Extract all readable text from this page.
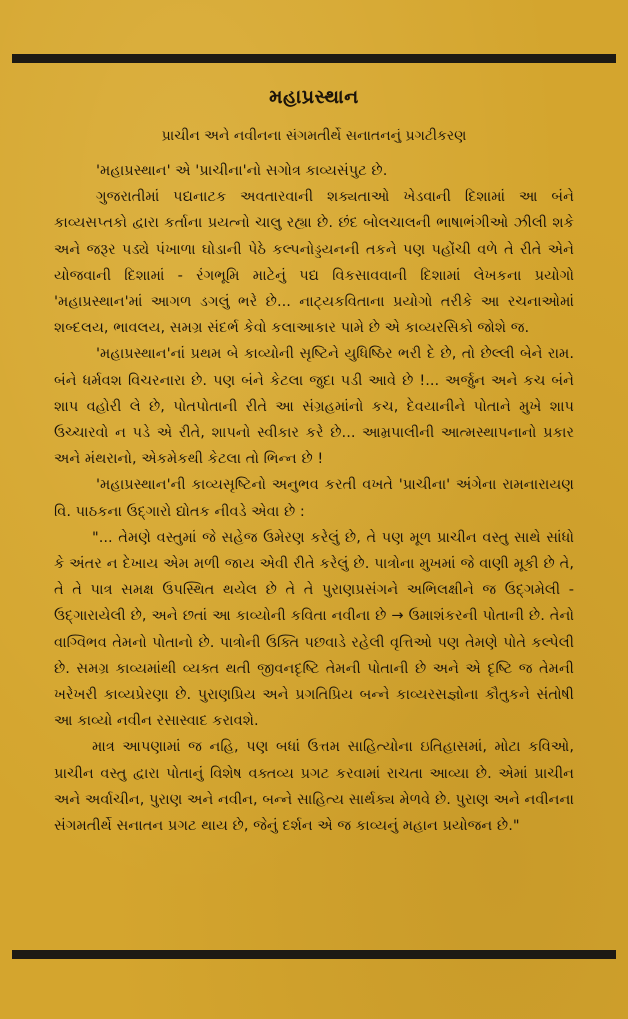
મહાપ્રસ્થાન
પ્રાચીન અને નવીનના સંગમતીર્થે સનાતનનું પ્રગટીકરણ

'મહાપ્રસ્થાન' એ 'પ્રાચીના'નો સગોત્ર કાવ્યસંપુટ છે.

ગુજરાતીમાં પદ્યનાટક અવતારવાની શક્યતાઓ ખેડવાની દિશામાં આ બંને કાવ્યસપ્તકો દ્વારા કર્તાના પ્રયત્નો ચાલુ રહ્યા છે. છંદ બોલચાલની ભાષાભંગીઓ ઝીલી શકે અને જરૂર પડ્યે પંખાળા ઘોડાની પેઠે કલ્પનોડ્ડયનની તકને પણ પહોંચી વળે તે રીતે એને યોજવાની દિશામાં - રંગભૂમિ માટેનું પદ્ય વિકસાવવાની દિશામાં લેખકના પ્રયોગો 'મહાપ્રસ્થાન'માં આગળ ડગલું ભરે છે... નાટ્યકવિતાના પ્રયોગો તરીકે આ રચનાઓમાં શબ્દલય, ભાવલય, સમગ્ર સંદર્ભ કેવો કલાઆકાર પામે છે એ કાવ્યરસિકો જોશે જ.

'મહાપ્રસ્થાન'નાં પ્રથમ બે કાવ્યોની સૃષ્ટિને યુધિષ્ઠિર ભરી દે છે, તો છેલ્લી બેને રામ. બંને ધર્મવશ વિચરનારા છે. પણ બંને કેટલા જુદા પડી આવે છે !... અર્જુન અને કચ બંને શાપ વહોરી લે છે, પોતપોતાની રીતે આ સંગ્રહમાંનો કચ, દેવયાનીને પોતાને મુખે શાપ ઉચ્ચારવો ન પડે એ રીતે, શાપનો સ્વીકાર કરે છે... આમ્રપાલીની આત્મસ્થાપનાનો પ્રકાર અને મંથરાનો, એકમેકથી કેટલા તો ભિન્ન છે !

'મહાપ્રસ્થાન'ની કાવ્યસૃષ્ટિનો અનુભવ કરતી વખતે 'પ્રાચીના' અંગેના રામનારાયણ વિ. પાઠકના ઉદ્ગારો દ્યોતક નીવડે એવા છે :

"... તેમણે વસ્તુમાં જે સહેજ ઉમેરણ કરેલું છે, તે પણ મૂળ પ્રાચીન વસ્તુ સાથે સાંધો કે અંતર ન દેખાય એમ મળી જાય એવી રીતે કરેલું છે. પાત્રોના મુખમાં જે વાણી મૂકી છે તે, તે તે પાત્ર સમક્ષ ઉપસ્થિત થયેલ છે તે તે પુરાણપ્રસંગને અભિલક્ષીને જ ઉદ્ગમેલી - ઉદ્ગારાયેલી છે, અને છતાં આ કાવ્યોની કવિતા નવીના છે → ઉમાશંકરની પોતાની છે. તેનો વાગ્વિભવ તેમનો પોતાનો છે. પાત્રોની ઉક્તિ પછવાડે રહેલી વૃત્તિઓ પણ તેમણે પોતે કલ્પેલી છે. સમગ્ર કાવ્યમાંથી વ્યક્ત થતી જીવનદૃષ્ટિ તેમની પોતાની છે અને એ દૃષ્ટિ જ તેમની ખરેખરી કાવ્યપ્રેરણા છે. પુરાણપ્રિય અને પ્રગતિપ્રિય બન્ને કાવ્યરસજ્ઞોના કૌતુકને સંતોષી આ કાવ્યો નવીન રસાસ્વાદ કરાવશે.

માત્ર આપણામાં જ નહિ, પણ બધાં ઉત્તમ સાહિત્યોના ઇતિહાસમાં, મોટા કવિઓ, પ્રાચીન વસ્તુ દ્વારા પોતાનું વિશેષ વક્તવ્ય પ્રગટ કરવામાં રાચતા આવ્યા છે. એમાં પ્રાચીન અને અર્વાચીન, પુરાણ અને નવીન, બન્ને સાહિત્ય સાર્થક્ય મેળવે છે. પુરાણ અને નવીનના સંગમતીર્થે સનાતન પ્રગટ થાય છે, જેનું દર્શન એ જ કાવ્યનું મહાન પ્રયોજન છે."
